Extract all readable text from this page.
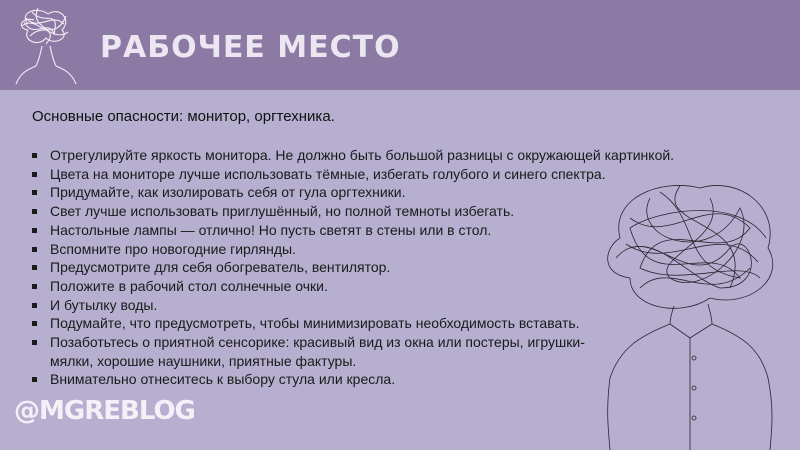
РАБОЧЕЕ МЕСТО
Основные опасности: монитор, оргтехника.
Отрегулируйте яркость монитора. Не должно быть большой разницы с окружающей картинкой.
Цвета на мониторе лучше использовать тёмные, избегать голубого и синего спектра.
Придумайте, как изолировать себя от гула оргтехники.
Свет лучше использовать приглушённый, но полной темноты избегать.
Настольные лампы — отлично! Но пусть светят в стены или в стол.
Вспомните про новогодние гирлянды.
Предусмотрите для себя обогреватель, вентилятор.
Положите в рабочий стол солнечные очки.
И бутылку воды.
Подумайте, что предусмотреть, чтобы минимизировать необходимость вставать.
Позаботьтесь о приятной сенсорике: красивый вид из окна или постеры, игрушки-мялки, хорошие наушники, приятные фактуры.
Внимательно отнеситесь к выбору стула или кресла.
@MGREBLOG
